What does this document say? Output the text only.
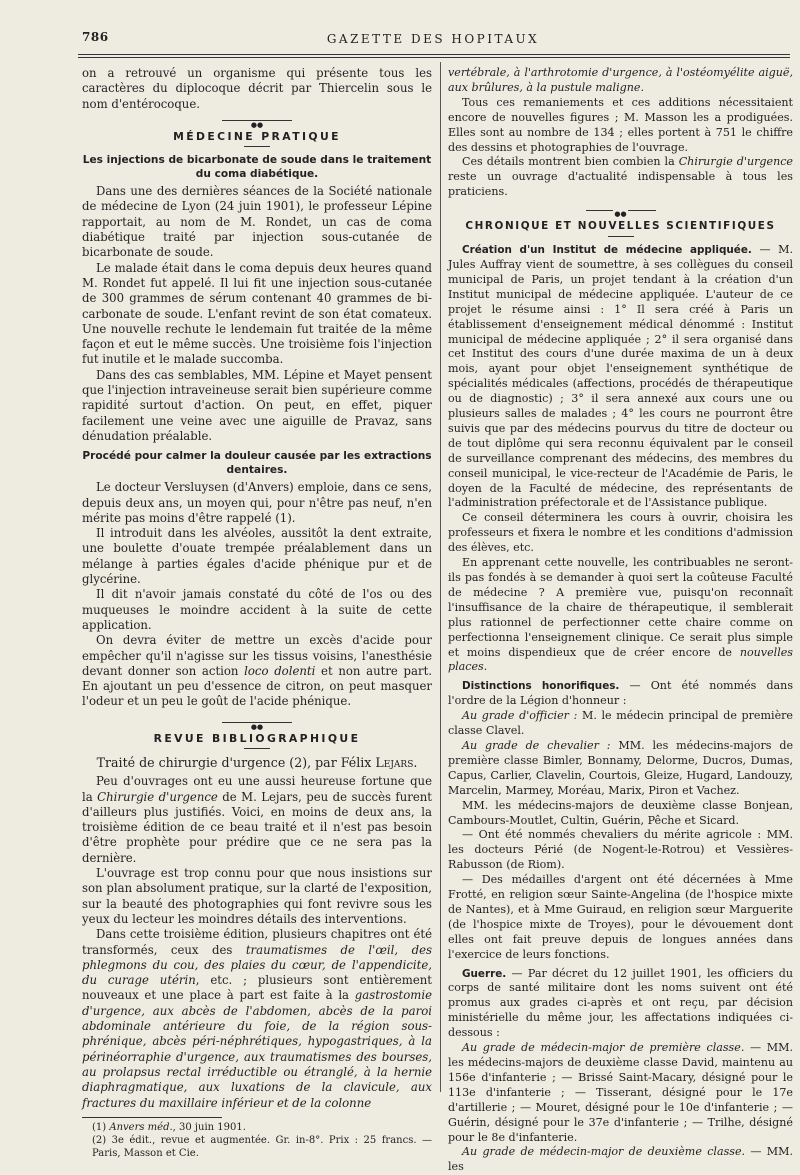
786	GAZETTE DES HOPITAUX

on a retrouvé un organisme qui présente tous les caractères du diplocoque décrit par Thiercelin sous le nom d'entérocoque.

●●
MÉDECINE PRATIQUE
Les injections de bicarbonate de soude dans le traitement du coma diabétique.

Dans une des dernières séances de la Société nationale de médecine de Lyon (24 juin 1901), le professeur Lépine rapportait, au nom de M. Rondet, un cas de coma diabétique traité par injection sous-cutanée de bicarbonate de soude.

Le malade était dans le coma depuis deux heures quand M. Rondet fut appelé. Il lui fit une injection sous-cutanée de 300 grammes de sérum contenant 40 grammes de bi-carbonate de soude. L'enfant revint de son état comateux. Une nouvelle rechute le lendemain fut traitée de la même façon et eut le même succès. Une troisième fois l'injection fut inutile et le malade succomba.

Dans des cas semblables, MM. Lépine et Mayet pensent que l'injection intraveineuse serait bien supérieure comme rapidité surtout d'action. On peut, en effet, piquer facilement une veine avec une aiguille de Pravaz, sans dénudation préalable.

Procédé pour calmer la douleur causée par les extractions dentaires.

Le docteur Versluysen (d'Anvers) emploie, dans ce sens, depuis deux ans, un moyen qui, pour n'être pas neuf, n'en mérite pas moins d'être rappelé (1).

Il introduit dans les alvéoles, aussitôt la dent extraite, une boulette d'ouate trempée préalablement dans un mélange à parties égales d'acide phénique pur et de glycérine.

Il dit n'avoir jamais constaté du côté de l'os ou des muqueuses le moindre accident à la suite de cette application.

On devra éviter de mettre un excès d'acide pour empêcher qu'il n'agisse sur les tissus voisins, l'anesthésie devant donner son action loco dolenti et non autre part. En ajoutant un peu d'essence de citron, on peut masquer l'odeur et un peu le goût de l'acide phénique.

●●
REVUE BIBLIOGRAPHIQUE
Traité de chirurgie d'urgence (2), par Félix Lejars.

Peu d'ouvrages ont eu une aussi heureuse fortune que la Chirurgie d'urgence de M. Lejars, peu de succès furent d'ailleurs plus justifiés. Voici, en moins de deux ans, la troisième édition de ce beau traité et il n'est pas besoin d'être prophète pour prédire que ce ne sera pas la dernière.

L'ouvrage est trop connu pour que nous insistions sur son plan absolument pratique, sur la clarté de l'exposition, sur la beauté des photographies qui font revivre sous les yeux du lecteur les moindres détails des interventions.

Dans cette troisième édition, plusieurs chapitres ont été transformés, ceux des traumatismes de l'œil, des phlegmons du cou, des plaies du cœur, de l'appendicite, du curage utérin, etc. ; plusieurs sont entièrement nouveaux et une place à part est faite à la gastrostomie d'urgence, aux abcès de l'abdomen, abcès de la paroi abdominale antérieure du foie, de la région sous-phrénique, abcès péri-néphrétiques, hypogastriques, à la périnéorraphie d'urgence, aux traumatismes des bourses, au prolapsus rectal irréductible ou étranglé, à la hernie diaphragmatique, aux luxations de la clavicule, aux fractures du maxillaire inférieur et de la colonne

(1) Anvers méd., 30 juin 1901.

(2) 3e édit., revue et augmentée. Gr. in-8°. Prix : 25 francs. — Paris, Masson et Cie.

vertébrale, à l'arthrotomie d'urgence, à l'ostéomyélite aiguë, aux brûlures, à la pustule maligne.

Tous ces remaniements et ces additions nécessitaient encore de nouvelles figures ; M. Masson les a prodiguées. Elles sont au nombre de 134 ; elles portent à 751 le chiffre des dessins et photographies de l'ouvrage.

Ces détails montrent bien combien la Chirurgie d'urgence reste un ouvrage d'actualité indispensable à tous les praticiens.

●●
CHRONIQUE ET NOUVELLES SCIENTIFIQUES

Création d'un Institut de médecine appliquée. — M. Jules Auffray vient de soumettre, à ses collègues du conseil municipal de Paris, un projet tendant à la création d'un Institut municipal de médecine appliquée. L'auteur de ce projet le résume ainsi : 1° Il sera créé à Paris un établissement d'enseignement médical dénommé : Institut municipal de médecine appliquée ; 2° il sera organisé dans cet Institut des cours d'une durée maxima de un à deux mois, ayant pour objet l'enseignement synthétique de spécialités médicales (affections, procédés de thérapeutique ou de diagnostic) ; 3° il sera annexé aux cours une ou plusieurs salles de malades ; 4° les cours ne pourront être suivis que par des médecins pourvus du titre de docteur ou de tout diplôme qui sera reconnu équivalent par le conseil de surveillance comprenant des médecins, des membres du conseil municipal, le vice-recteur de l'Académie de Paris, le doyen de la Faculté de médecine, des représentants de l'administration préfectorale et de l'Assistance publique.

Ce conseil déterminera les cours à ouvrir, choisira les professeurs et fixera le nombre et les conditions d'admission des élèves, etc.

En apprenant cette nouvelle, les contribuables ne seront-ils pas fondés à se demander à quoi sert la coûteuse Faculté de médecine ? A première vue, puisqu'on reconnaît l'insuffisance de la chaire de thérapeutique, il semblerait plus rationnel de perfectionner cette chaire comme on perfectionna l'enseignement clinique. Ce serait plus simple et moins dispendieux que de créer encore de nouvelles places.

Distinctions honorifiques. — Ont été nommés dans l'ordre de la Légion d'honneur :

Au grade d'officier : M. le médecin principal de première classe Clavel.

Au grade de chevalier : MM. les médecins-majors de première classe Bimler, Bonnamy, Delorme, Ducros, Dumas, Capus, Carlier, Clavelin, Courtois, Gleize, Hugard, Landouzy, Marcelin, Marmey, Moréau, Marix, Piron et Vachez.

MM. les médecins-majors de deuxième classe Bonjean, Cambours-Moutlet, Cultin, Guérin, Pêche et Sicard.

— Ont été nommés chevaliers du mérite agricole : MM. les docteurs Périé (de Nogent-le-Rotrou) et Vessières-Rabusson (de Riom).

— Des médailles d'argent ont été décernées à Mme Frotté, en religion sœur Sainte-Angelina (de l'hospice mixte de Nantes), et à Mme Guiraud, en religion sœur Marguerite (de l'hospice mixte de Troyes), pour le dévouement dont elles ont fait preuve depuis de longues années dans l'exercice de leurs fonctions.

Guerre. — Par décret du 12 juillet 1901, les officiers du corps de santé militaire dont les noms suivent ont été promus aux grades ci-après et ont reçu, par décision ministérielle du même jour, les affectations indiquées ci-dessous :

Au grade de médecin-major de première classe. — MM. les médecins-majors de deuxième classe David, maintenu au 156e d'infanterie ; — Brissé Saint-Macary, désigné pour le 113e d'infanterie ; — Tisserant, désigné pour le 17e d'artillerie ; — Mouret, désigné pour le 10e d'infanterie ; — Guérin, désigné pour le 37e d'infanterie ; — Trilhe, désigné pour le 8e d'infanterie.

Au grade de médecin-major de deuxième classe. — MM. les
